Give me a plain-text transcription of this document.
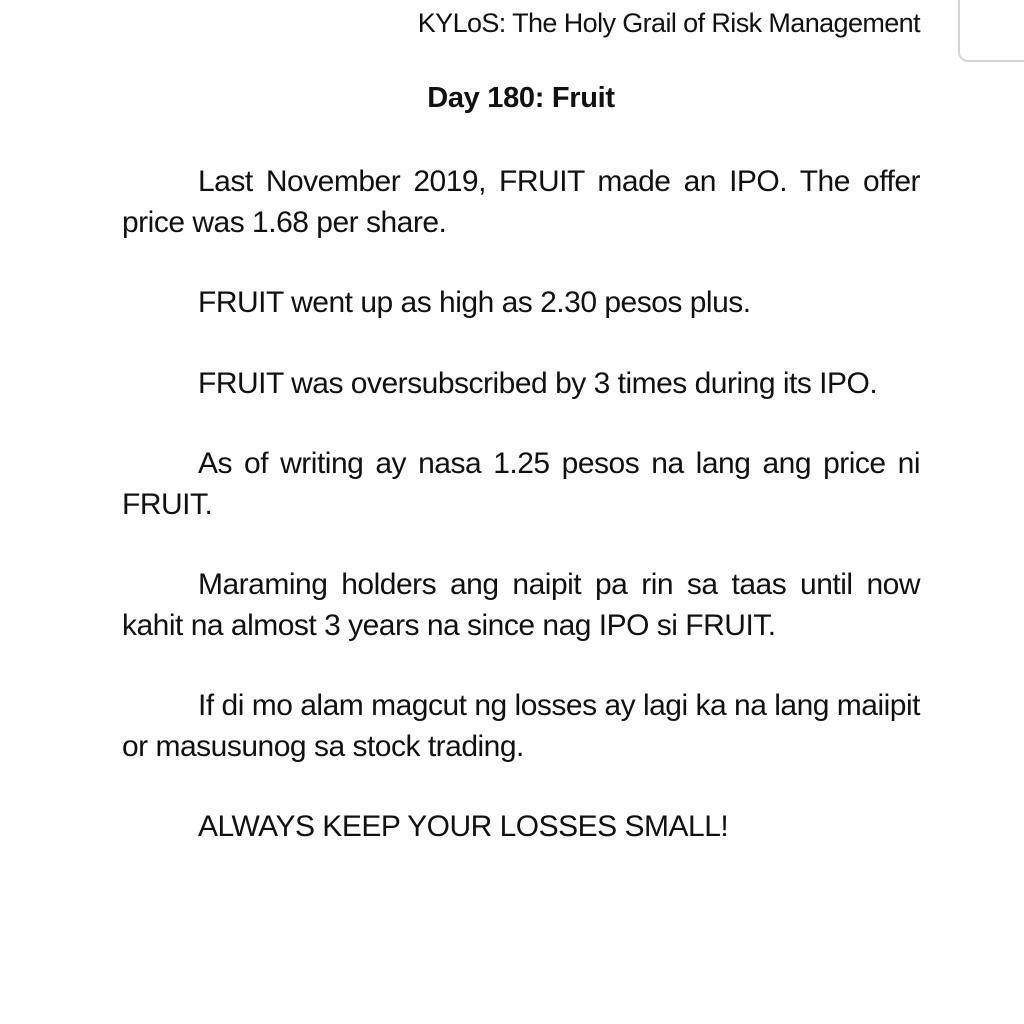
KYLoS: The Holy Grail of Risk Management
Day 180: Fruit

Last November 2019, FRUIT made an IPO. The offer price was 1.68 per share.

FRUIT went up as high as 2.30 pesos plus.

FRUIT was oversubscribed by 3 times during its IPO.

As of writing ay nasa 1.25 pesos na lang ang price ni FRUIT.

Maraming holders ang naipit pa rin sa taas until now kahit na almost 3 years na since nag IPO si FRUIT.

If di mo alam magcut ng losses ay lagi ka na lang maiipit or masusunog sa stock trading.

ALWAYS KEEP YOUR LOSSES SMALL!
